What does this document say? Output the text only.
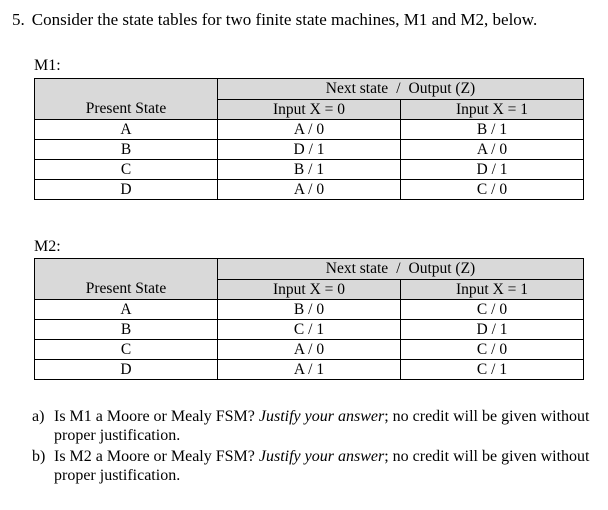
5. Consider the state tables for two finite state machines, M1 and M2, below.
M1:
Present State	Next state / Output (Z)	
	Input X = 0	Input X = 1
A	A / 0	B / 1
B	D / 1	A / 0
C	B / 1	D / 1
D	A / 0	C / 0
M2:
Present State	Next state / Output (Z)	
	Input X = 0	Input X = 1
A	B / 0	C / 0
B	C / 1	D / 1
C	A / 0	C / 0
D	A / 1	C / 1
a) Is M1 a Moore or Mealy FSM? Justify your answer; no credit will be given without proper justification.
b) Is M2 a Moore or Mealy FSM? Justify your answer; no credit will be given without proper justification.
